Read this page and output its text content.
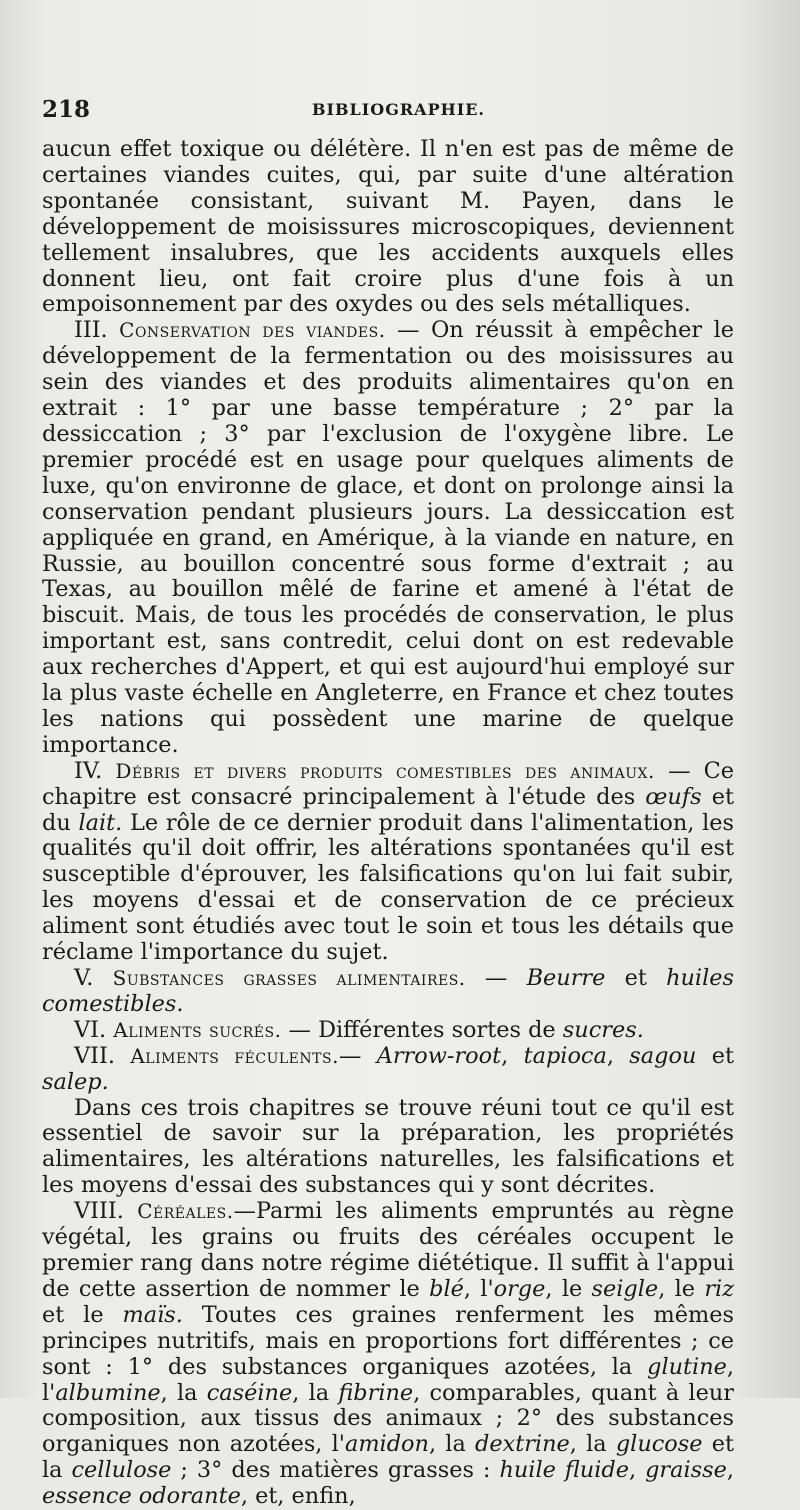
218	BIBLIOGRAPHIE.

aucun effet toxique ou délétère. Il n'en est pas de même de certaines viandes cuites, qui, par suite d'une altération spontanée consistant, suivant M. Payen, dans le développement de moisissures microscopiques, deviennent tellement insalubres, que les accidents auxquels elles donnent lieu, ont fait croire plus d'une fois à un empoisonnement par des oxydes ou des sels métalliques.

III. Conservation des viandes. — On réussit à empêcher le développement de la fermentation ou des moisissures au sein des viandes et des produits alimentaires qu'on en extrait : 1° par une basse température ; 2° par la dessiccation ; 3° par l'exclusion de l'oxygène libre. Le premier procédé est en usage pour quelques aliments de luxe, qu'on environne de glace, et dont on prolonge ainsi la conservation pendant plusieurs jours. La dessiccation est appliquée en grand, en Amérique, à la viande en nature, en Russie, au bouillon concentré sous forme d'extrait ; au Texas, au bouillon mêlé de farine et amené à l'état de biscuit. Mais, de tous les procédés de conservation, le plus important est, sans contredit, celui dont on est redevable aux recherches d'Appert, et qui est aujourd'hui employé sur la plus vaste échelle en Angleterre, en France et chez toutes les nations qui possèdent une marine de quelque importance.

IV. Débris et divers produits comestibles des animaux. — Ce chapitre est consacré principalement à l'étude des œufs et du lait. Le rôle de ce dernier produit dans l'alimentation, les qualités qu'il doit offrir, les altérations spontanées qu'il est susceptible d'éprouver, les falsifications qu'on lui fait subir, les moyens d'essai et de conservation de ce précieux aliment sont étudiés avec tout le soin et tous les détails que réclame l'importance du sujet.

V. Substances grasses alimentaires. — Beurre et huiles comestibles.

VI. Aliments sucrés. — Différentes sortes de sucres.

VII. Aliments féculents.— Arrow-root, tapioca, sagou et salep.

Dans ces trois chapitres se trouve réuni tout ce qu'il est essentiel de savoir sur la préparation, les propriétés alimentaires, les altérations naturelles, les falsifications et les moyens d'essai des substances qui y sont décrites.

VIII. Céréales.—Parmi les aliments empruntés au règne végétal, les grains ou fruits des céréales occupent le premier rang dans notre régime diététique. Il suffit à l'appui de cette assertion de nommer le blé, l'orge, le seigle, le riz et le maïs. Toutes ces graines renferment les mêmes principes nutritifs, mais en proportions fort différentes ; ce sont : 1° des substances organiques azotées, la glutine, l'albumine, la caséine, la fibrine, comparables, quant à leur composition, aux tissus des animaux ; 2° des substances organiques non azotées, l'amidon, la dextrine, la glucose et la cellulose ; 3° des matières grasses : huile fluide, graisse, essence odorante, et, enfin,
